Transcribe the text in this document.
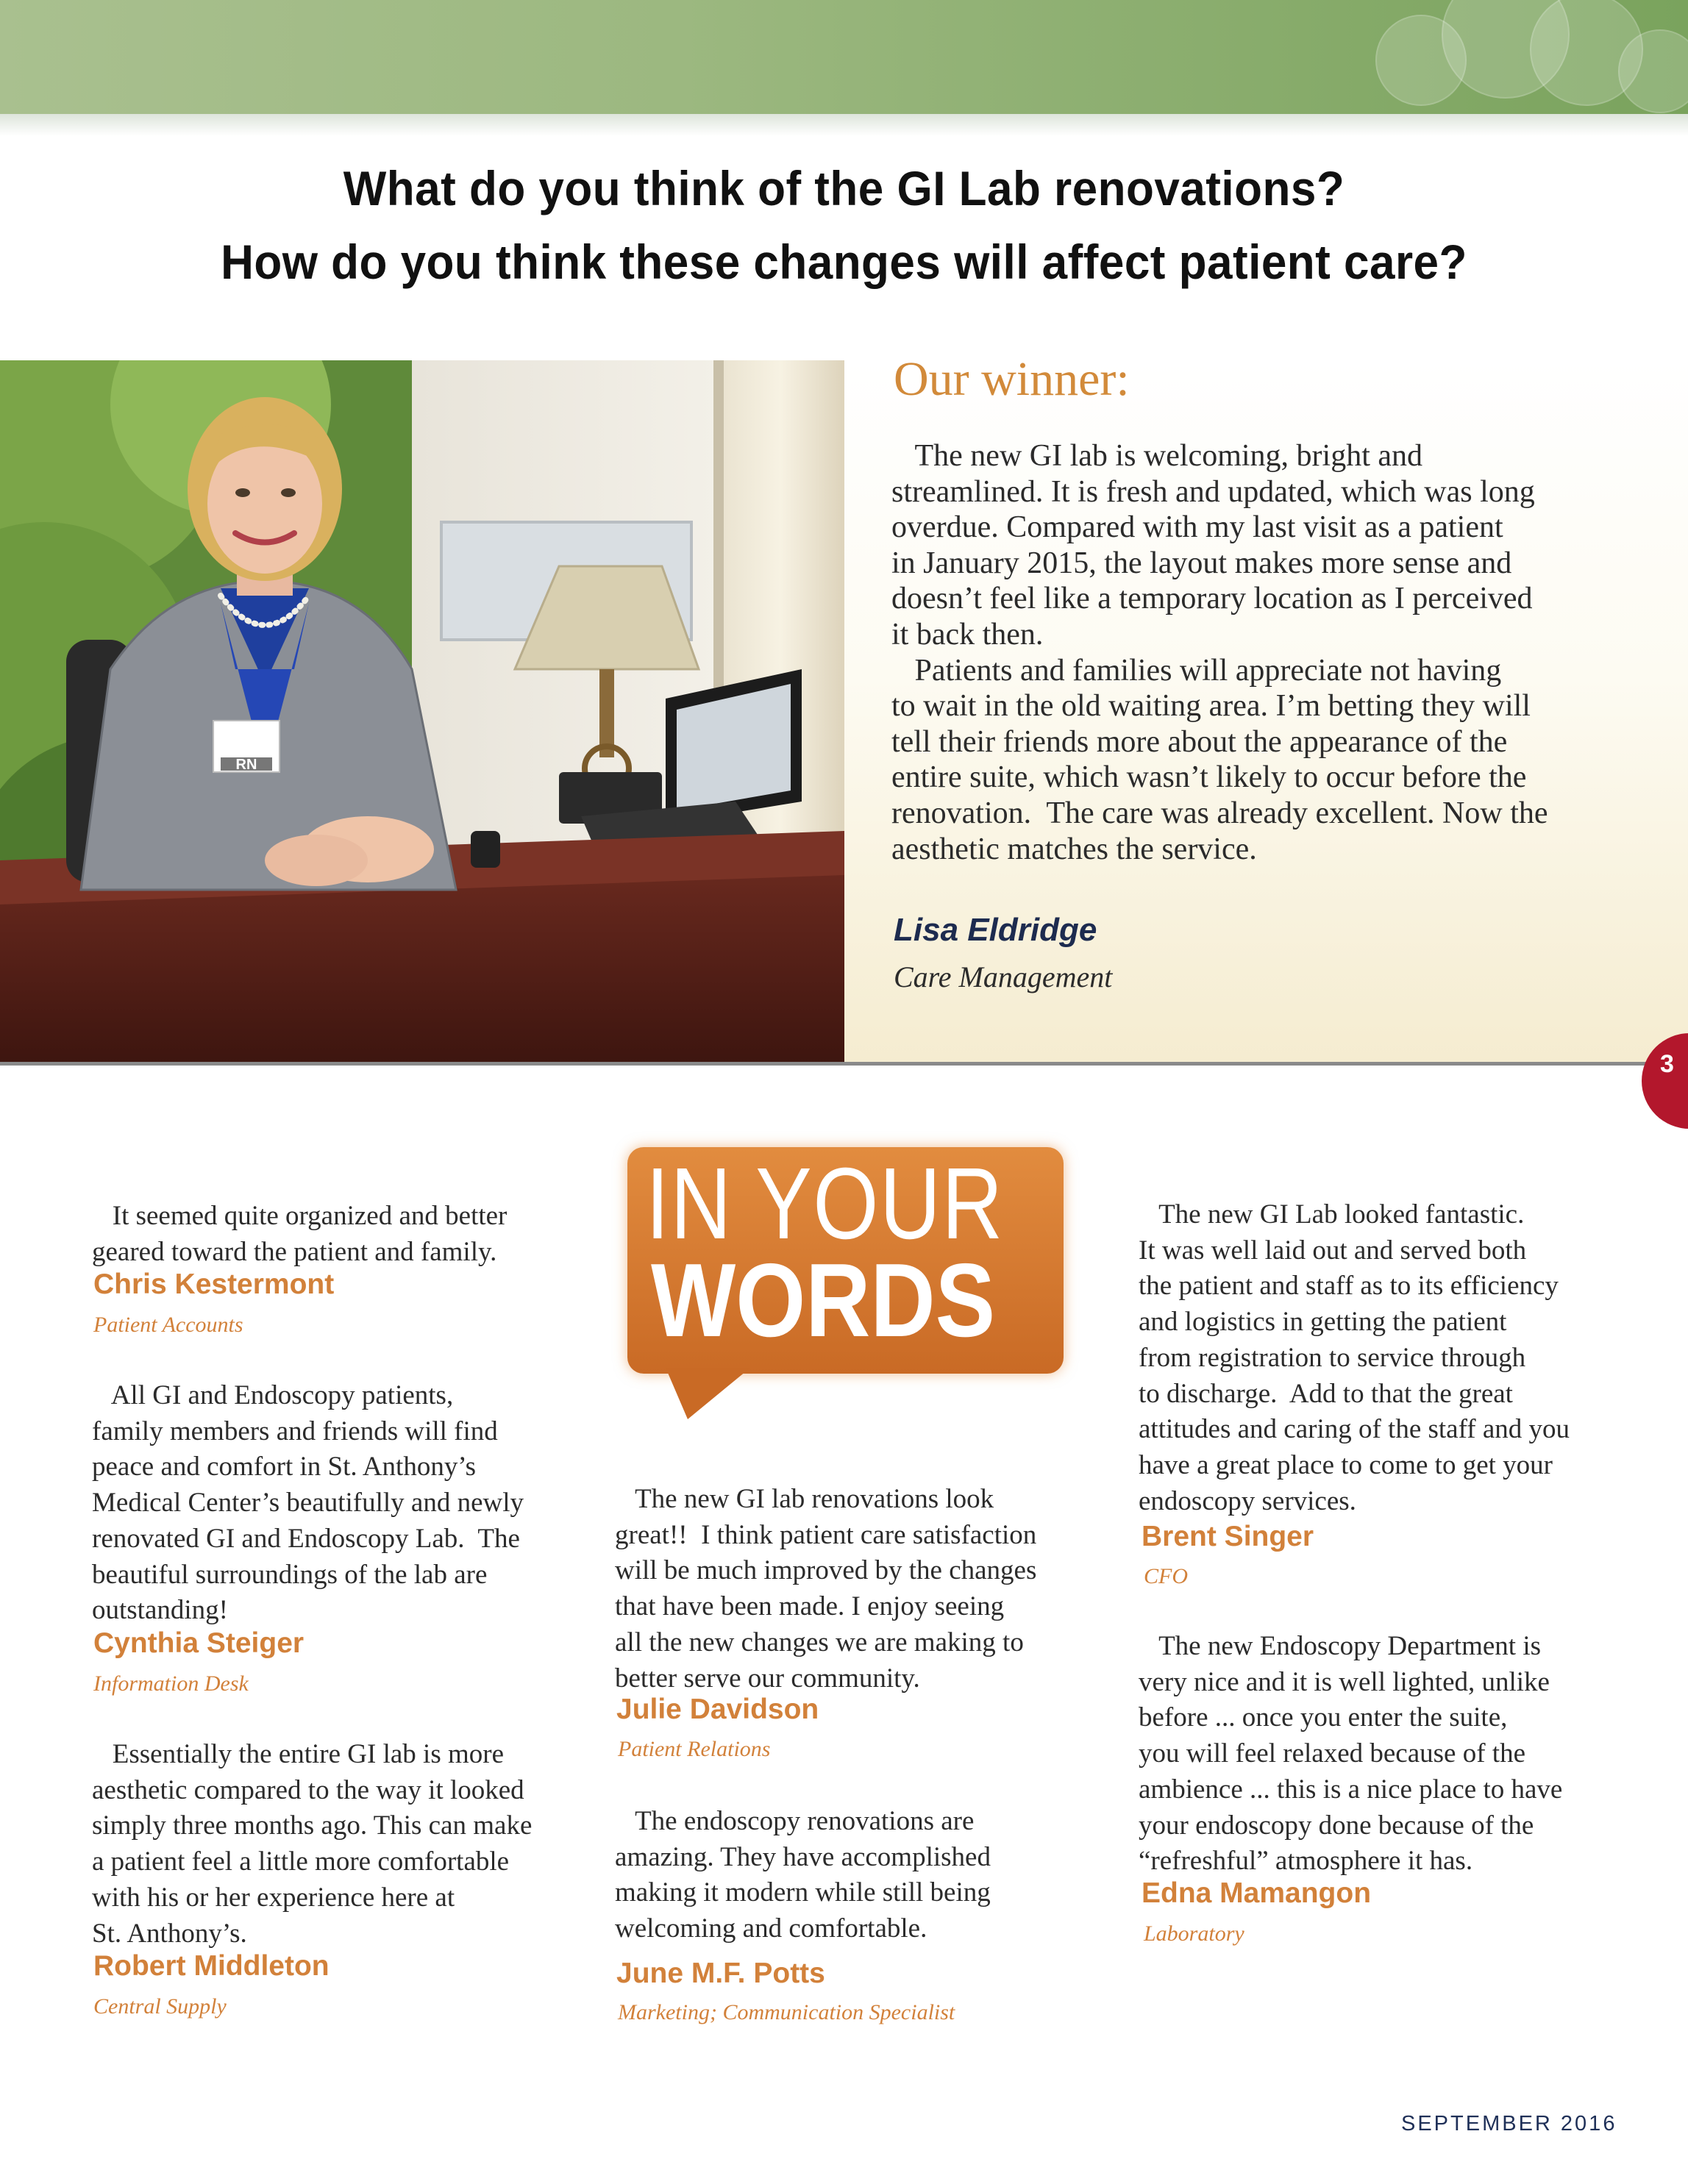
What do you think of the GI Lab renovations?
How do you think these changes will affect patient care?
RN
Our winner:
The new GI lab is welcoming, bright and
streamlined. It is fresh and updated, which was long
overdue. Compared with my last visit as a patient
in January 2015, the layout makes more sense and
doesn’t feel like a temporary location as I perceived
it back then.
Patients and families will appreciate not having
to wait in the old waiting area. I’m betting they will
tell their friends more about the appearance of the
entire suite, which wasn’t likely to occur before the
renovation.  The care was already excellent. Now the
aesthetic matches the service.
Lisa Eldridge
Care Management
3
IN YOUR
WORDS
It seemed quite organized and better
geared toward the patient and family.
Chris Kestermont
Patient Accounts
All GI and Endoscopy patients,
family members and friends will find
peace and comfort in St. Anthony’s
Medical Center’s beautifully and newly
renovated GI and Endoscopy Lab.  The
beautiful surroundings of the lab are
outstanding!
Cynthia Steiger
Information Desk
Essentially the entire GI lab is more
aesthetic compared to the way it looked
simply three months ago. This can make
a patient feel a little more comfortable
with his or her experience here at
St. Anthony’s.
Robert Middleton
Central Supply
The new GI lab renovations look
great!!  I think patient care satisfaction
will be much improved by the changes
that have been made. I enjoy seeing
all the new changes we are making to
better serve our community.
Julie Davidson
Patient Relations
The endoscopy renovations are
amazing. They have accomplished
making it modern while still being
welcoming and comfortable.
June M.F. Potts
Marketing; Communication Specialist
The new GI Lab looked fantastic.
It was well laid out and served both
the patient and staff as to its efficiency
and logistics in getting the patient
from registration to service through
to discharge.  Add to that the great
attitudes and caring of the staff and you
have a great place to come to get your
endoscopy services.
Brent Singer
CFO
The new Endoscopy Department is
very nice and it is well lighted, unlike
before ... once you enter the suite,
you will feel relaxed because of the
ambience ... this is a nice place to have
your endoscopy done because of the
“refreshful” atmosphere it has.
Edna Mamangon
Laboratory
SEPTEMBER 2016
